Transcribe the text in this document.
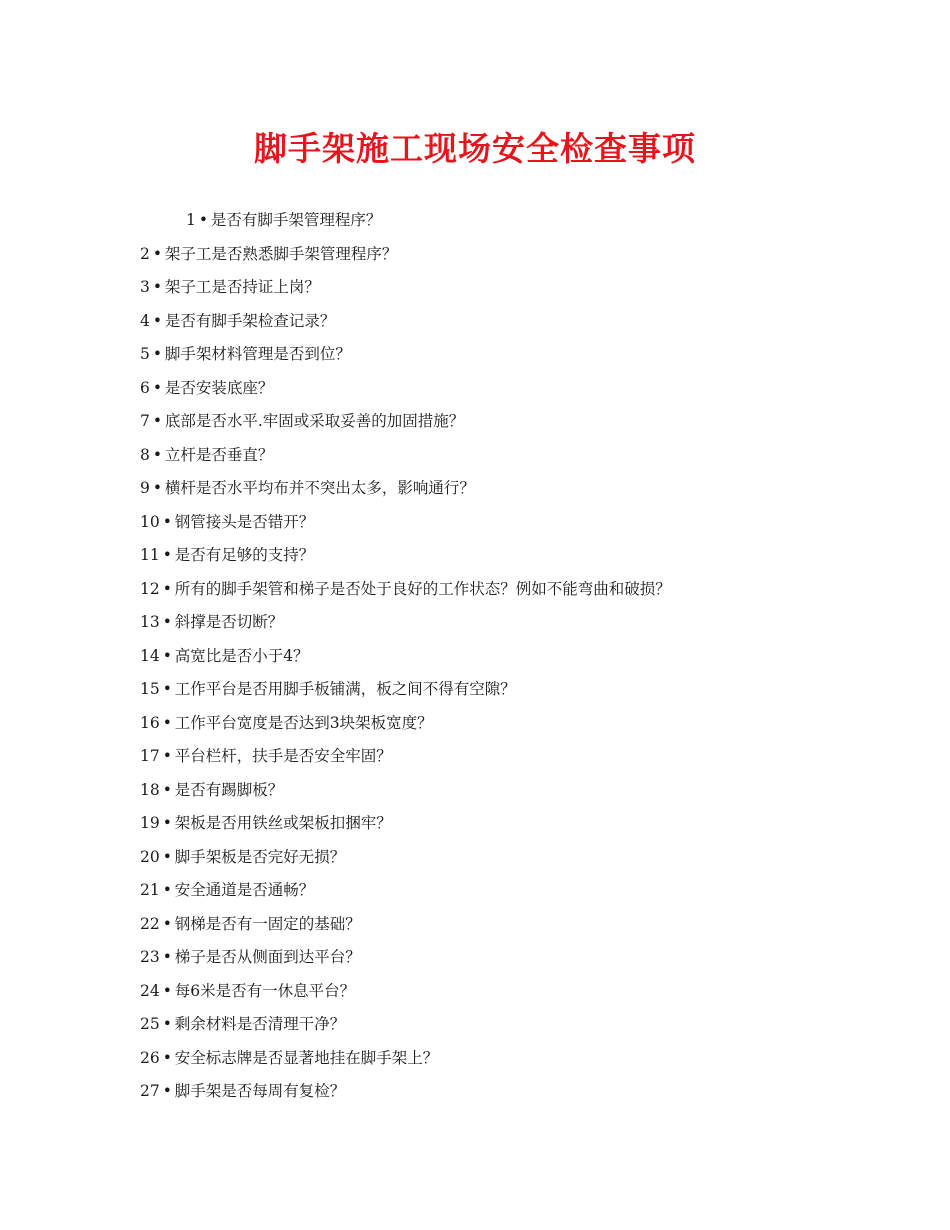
脚手架施工现场安全检查事项
1 • 是否有脚手架管理程序？
2 • 架子工是否熟悉脚手架管理程序？
3 • 架子工是否持证上岗？
4 • 是否有脚手架检查记录？
5 • 脚手架材料管理是否到位？
6 • 是否安装底座？
7 • 底部是否水平.牢固或采取妥善的加固措施？
8 • 立杆是否垂直？
9 • 横杆是否水平均布并不突出太多，影响通行？
10 • 钢管接头是否错开？
11 • 是否有足够的支持？
12 • 所有的脚手架管和梯子是否处于良好的工作状态？例如不能弯曲和破损？
13 • 斜撑是否切断？
14 • 高宽比是否小于4？
15 • 工作平台是否用脚手板铺满，板之间不得有空隙？
16 • 工作平台宽度是否达到3块架板宽度？
17 • 平台栏杆，扶手是否安全牢固？
18 • 是否有踢脚板？
19 • 架板是否用铁丝或架板扣捆牢？
20 • 脚手架板是否完好无损？
21 • 安全通道是否通畅？
22 • 钢梯是否有一固定的基础？
23 • 梯子是否从侧面到达平台？
24 • 每6米是否有一休息平台？
25 • 剩余材料是否清理干净？
26 • 安全标志牌是否显著地挂在脚手架上？
27 • 脚手架是否每周有复检？
